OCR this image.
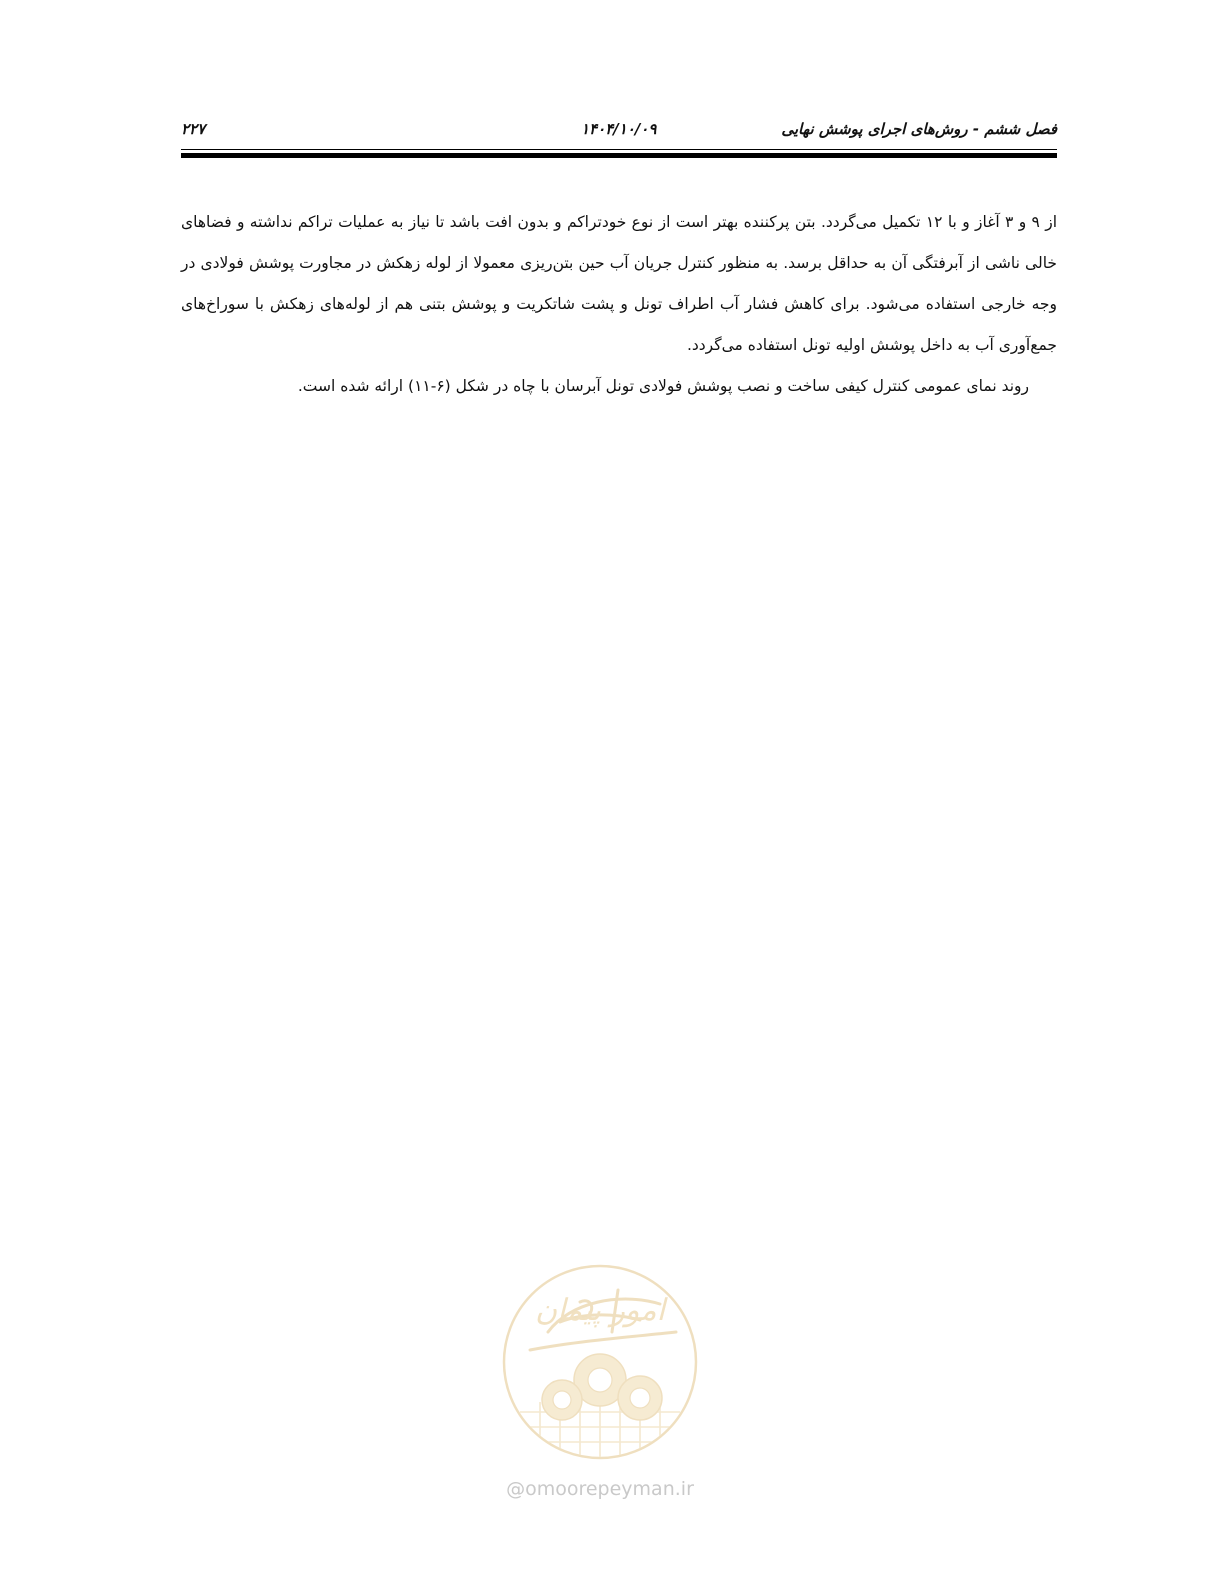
فصل ششم - روش‌های اجرای پوشش نهایی
۱۴۰۴/۱۰/۰۹
۲۲۷

از ۹ و ۳ آغاز و با ۱۲ تکمیل می‌گردد. بتن پرکننده بهتر است از نوع خودتراکم و بدون افت باشد تا نیاز به عملیات تراکم نداشته و فضاهای خالی ناشی از آبرفتگی آن به حداقل برسد. به منظور کنترل جریان آب حین بتن‌ریزی معمولا از لوله زهکش در مجاورت پوشش فولادی در وجه خارجی استفاده می‌شود. برای کاهش فشار آب اطراف تونل و پشت شاتکریت و پوشش بتنی هم از لوله‌های زهکش با سوراخ‌های جمع‌آوری آب به داخل پوشش اولیه تونل استفاده می‌گردد.

روند نمای عمومی کنترل کیفی ساخت و نصب پوشش فولادی تونل آبرسان با چاه در شکل (۶-۱۱) ارائه شده است.

امور پیمان
@omoorepeyman.ir
